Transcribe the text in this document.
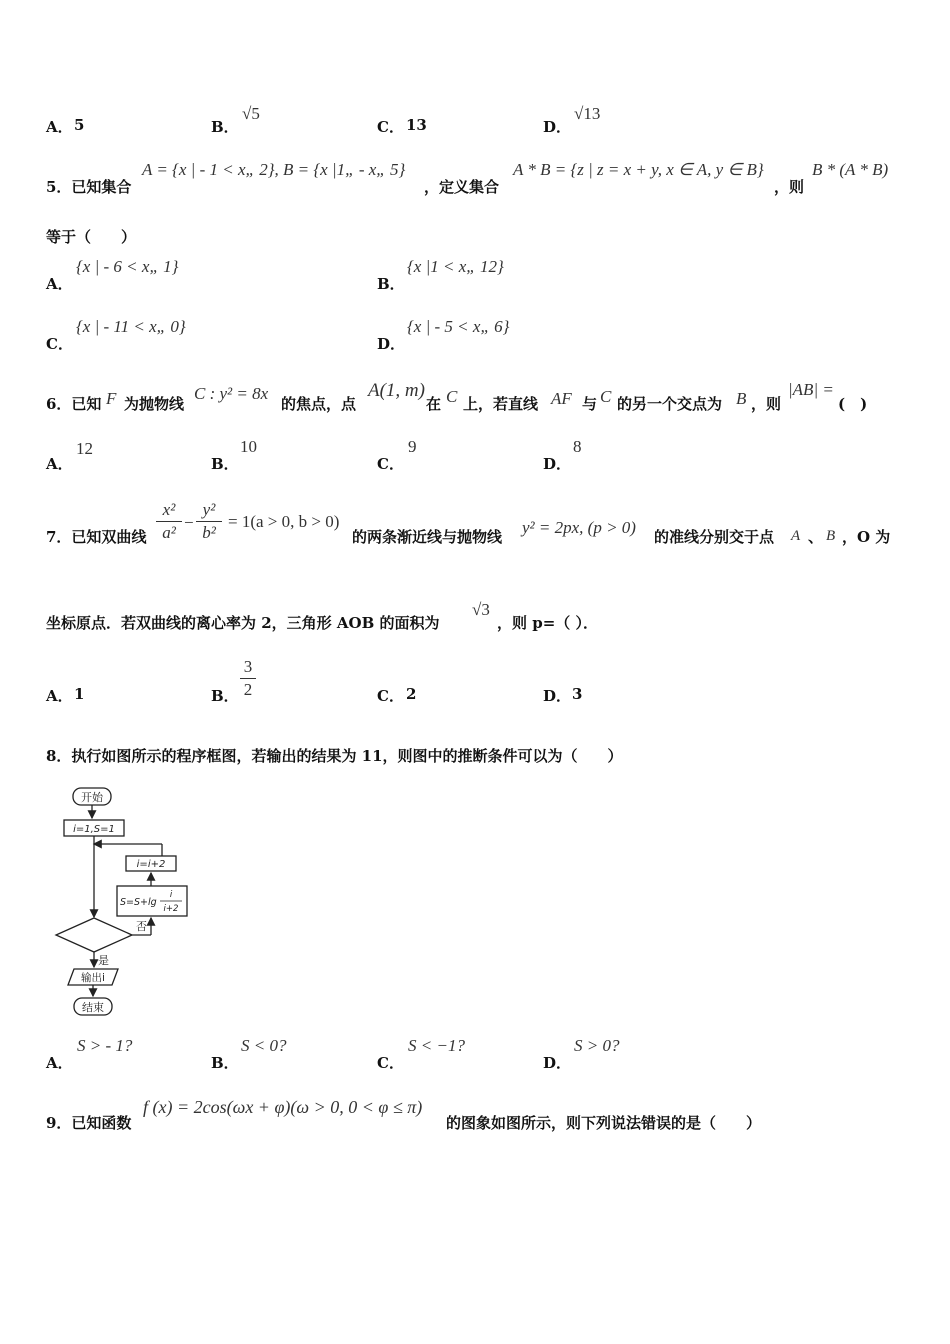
A． 5	B．
√5
C． 13	D．
√13
5．已知集合
A = {x | - 1 < x„ 2}, B = {x |1„ - x„ 5}
，定义集合
A * B = {z | z = x + y, x ∈ A, y ∈ B}
，则
B * (A * B)
等于（　　）
A．
{x | - 6 < x„ 1}
B．
{x |1 < x„ 12}
C．
{x | - 11 < x„ 0}
D．
{x | - 5 < x„ 6}
6．已知 F 为抛物线
C : y² = 8x
的焦点，点
A(1, m)
在 C 上，若直线 AF 与 C 的另一个交点为 B ，则
|AB| =
(　)
A．
12
B．
10
C．
9
D．
8
7．已知双曲线
x²
a²
−
y²
b²
= 1(a > 0, b > 0)
的两条渐近线与抛物线 y² = 2px, (p > 0) 的准线分别交于点 A 、 B ，O 为
坐标原点．若双曲线的离心率为 2，三角形 AOB 的面积为
√3
，则 p=（ ）．
A． 1	B．
3
2	C． 2	D． 3
8．执行如图所示的程序框图，若输出的结果为 11，则图中的推断条件可以为（　　）
开始
i=1,S=1
i=i+2
S=S+lg
i
i+2
否
是
输出i
结束
A．
S > - 1?
B．
S < 0?
C．
S < −1?
D．
S > 0?
9．已知函数
f (x) = 2cos(ωx + φ)(ω > 0, 0 < φ ≤ π)
的图象如图所示，则下列说法错误的是（　　）
